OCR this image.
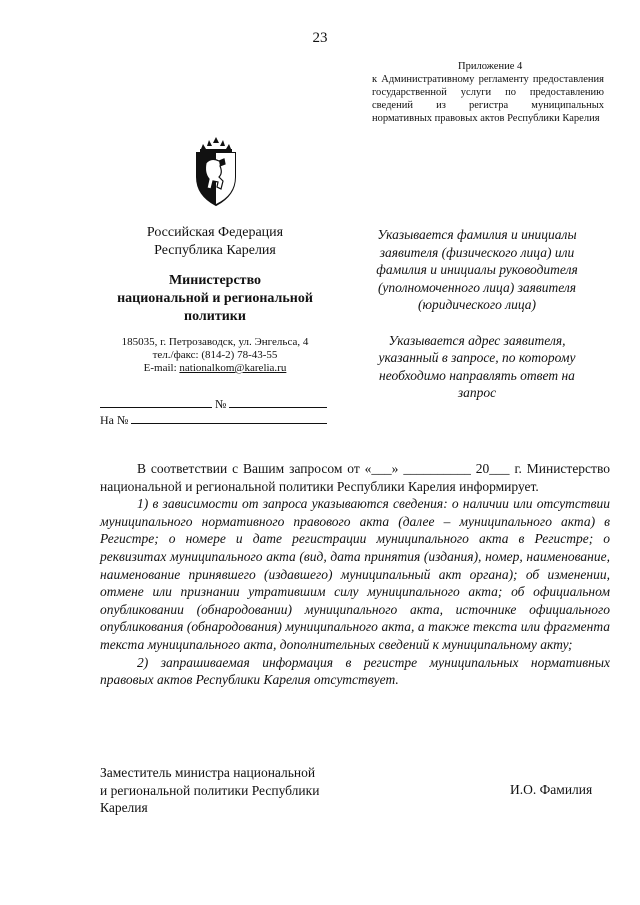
23
Приложение 4
к Административному регламенту предоставления
государственной услуги по предоставлению
сведений из регистра муниципальных
нормативных правовых актов Республики Карелия
Российская Федерация
Республика Карелия
Министерство
национальной и региональной
политики
185035, г. Петрозаводск, ул. Энгельса, 4
тел./факс: (814-2) 78-43-55
E-mail: nationalkom@karelia.ru
№
На №

Указывается фамилия и инициалы заявителя (физического лица) или фамилия и инициалы руководителя (уполномоченного лица) заявителя (юридического лица)

Указывается адрес заявителя, указанный в запросе, по которому необходимо направлять ответ на запрос

В соответствии с Вашим запросом от «___» __________ 20___ г. Министерство национальной и региональной политики Республики Карелия информирует.

1) в зависимости от запроса указываются сведения: о наличии или отсутствии муниципального нормативного правового акта (далее – муниципального акта) в Регистре; о номере и дате регистрации муниципального акта в Регистре; о реквизитах муниципального акта (вид, дата принятия (издания), номер, наименование, наименование принявшего (издавшего) муниципальный акт органа); об изменении, отмене или признании утратившим силу муниципального акта; об официальном опубликовании (обнародовании) муниципального акта, источнике официального опубликования (обнародования) муниципального акта, а также текста или фрагмента текста муниципального акта, дополнительных сведений к муниципальному акту;

2) запрашиваемая информация в регистре муниципальных нормативных правовых актов Республики Карелия отсутствует.

Заместитель министра национальной
и региональной политики Республики
Карелия
И.О. Фамилия
